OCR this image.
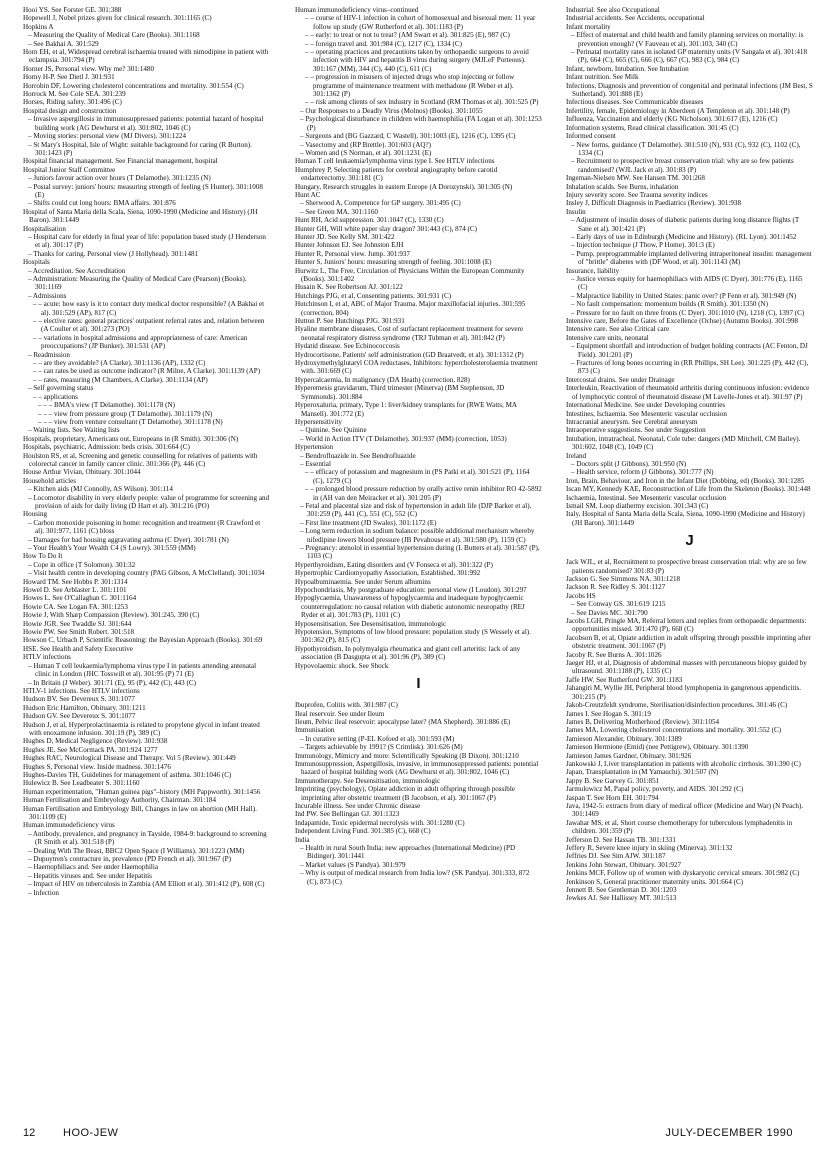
Hooi YS. See Forster GE. 301:388

Hopewell J, Nobel prizes given for clinical research. 301:1165 (C)

Hopkins A

– Measuring the Quality of Medical Care (Books). 301:1168

– See Bakhai A. 301:529

Horn EH, et al, Widespread cerebral ischaemia treated with nimodipine in patient with eclampsia. 301:794 (P)

Horner JS, Personal view. Why me? 301:1480

Horny H-P. See Dietl J. 301:931

Horrobin DF, Lowering cholesterol concentrations and mortality. 301:554 (C)

Horrock M. See Cole SEA. 301:239

Horses, Riding safety. 301:496 (C)

Hospital design and construction

– Invasive aspergillosis in immunosuppressed patients: potential hazard of hospital building work (AG Dewhurst et al). 301:802, 1046 (C)

– Moving stories: personal view (MJ Divers). 301:1224

– St Mary's Hospital, Isle of Wight: suitable background for caring (R Burton). 301:1423 (P)

Hospital financial management. See Financial management, hospital

Hospital Junior Staff Committee

– Juniors favour action over hours (T Delamothe). 301:1235 (N)

– Postal survey: juniors' hours: measuring strength of feeling (S Hunter). 301:1008 (E)

– Shifts could cut long hours: BMA affairs. 301:876

Hospital of Santa Maria della Scala, Siena, 1090-1990 (Medicine and History) (JH Baron). 301:1449

Hospitalisation

– Hospital care for elderly in final year of life: population based study (J Henderson et al). 301:17 (P)

– Thanks for caring. Personal view (J Hollyhead). 301:1481

Hospitals

– Accreditation. See Accreditation

– Administration: Measuring the Quality of Medical Care (Pearson) (Books). 301:1169

– Admissions

– – acute: how easy is it to contact duty medical doctor responsible? (A Bakhai et al). 301:529 (AP), 817 (C)

– – elective rates: general practices' outpatient referral rates and, relation between (A Coulter et al). 301:273 (PO)

– – variations in hospital admissions and appropriateness of care: American preoccupations? (JP Bunker). 301:531 (AP)

– Readmission

– – are they avoidable? (A Clarke). 301:1136 (AP), 1332 (C)

– – can rates be used as outcome indicator? (R Milne, A Clarke). 301:1139 (AP)

– – rates, measuring (M Chambers, A Clarke). 301:1134 (AP)

– Self governing status

– – applications

– – – BMA's view (T Delamothe). 301:1178 (N)

– – – view from pressure group (T Delamothe). 301:1179 (N)

– – – view from venture consultant (T Delamothe). 301:1178 (N)

– Waiting lists. See Waiting lists

Hospitals, proprietary, Americans out, Europeans in (R Smith). 301:306 (N)

Hospitals, psychiatric, Admission: beds crisis. 301:664 (C)

Houlston RS, et al, Screening and genetic counselling for relatives of patients with colorectal cancer in family cancer clinic. 301:366 (P), 446 (C)

House Arthur Vivian, Obituary. 301:1044

Household articles

– Kitchen aids (MJ Connolly, AS Wilson). 301:114

– Locomotor disability in very elderly people: value of programme for screening and provision of aids for daily living (D Hart et al). 301:216 (PO)

Housing

– Carbon monoxide poisoning in home: recognition and treatment (R Crawford et al). 301:977, 1161 (C) bloss

– Damages for bad housing aggravating asthma (C Dyer). 301:781 (N)

– Your Health's Your Wealth C4 (S Lowry). 301:559 (MM)

How To Do It

– Cope in office (T Solomon). 301:32

– Visit health centre in developing country (PAG Gibson, A McClelland). 301:1034

Howard TM. See Hobbs P. 301:1314

Howel D. See Arblaster L. 301:1101

Howes L. See O'Callaghan C. 301:1164

Howie CA. See Logan FA. 301:1253

Howie J, With Sharp Compassion (Review). 301:245, 390 (C)

Howie JGR. See Twaddle SJ. 301:644

Howie PW. See Smith Robert. 301:518

Howson C, Urbach P, Scientific Reasoning: the Bayesian Approach (Books). 301:69

HSE. See Health and Safety Executive

HTLV infections

– Human T cell leukaemia/lymphoma virus type I in patients attending antenatal clinic in London (JHC Tosswill et al). 301:95 (P) 71 (E)

– In Britain (J Weber). 301:71 (E), 95 (P), 442 (C), 443 (C)

HTLV-1 infections. See HTLV infections

Hudson BV. See Devereux S. 301:1077

Hudson Eric Hamilton, Obituary. 301:1211

Hudson GV. See Devereux S. 301:1077

Hudson J, et al, Hyperprolactinaemia is related to propylene glycol in infant treated with enoxamone infusion. 301:19 (P), 389 (C)

Hughes D, Medical Negligence (Review). 301:938

Hughes JE. See McCormack PA. 301:924 1277

Hughes RAC, Neurological Disease and Therapy. Vol 5 (Review). 301:449

Hughes S, Personal view. Inside madness. 301:1476

Hughes-Davies TH, Guidelines for management of asthma. 301:1046 (C)

Hulewicz B. See Leadbeater S. 301:1160

Human experimentation, "Human guinea pigs"–history (MH Pappworth). 301:1456

Human Fertilisation and Embryology Authority, Chairman. 301:184

Human Fertilisation and Embryology Bill, Changes in law on abortion (MH Hall). 301:1109 (E)

Human immunodeficiency virus

– Antibody, prevalence, and pregnancy in Tayside, 1984-9: background to screening (R Smith et al). 301:518 (P)

– Dealing With The Beast, BBC2 Open Space (I Williams). 301:1223 (MM)

– Dupuytren's contracture in, prevalence (PD French et al). 301:967 (P)

– Haemophiliacs and. See under Haemophilia

– Hepatitis viruses and. See under Hepatitis

– Impact of HIV on tuberculosis in Zambia (AM Elliott et al). 301:412 (P), 608 (C)

– Infection

Human immunodeficiency virus–continued

– – course of HIV-1 infection in cohort of homosexual and bisexual men: 11 year follow up study (GW Rutherford et al). 301:1183 (P)

– – early: to treat or not to treat? (AM Swart et al). 301:825 (E), 987 (C)

– – foreign travel and. 301:984 (C), 1217 (C), 1334 (C)

– – operating practices and precautions taken by orthopaedic surgeons to avoid infection with HIV and hepatitis B virus during surgery (MJLeF Porteous). 301:167 (MM), 344 (C), 440 (C), 611 (C)

– – progression in misusers of injected drugs who stop injecting or follow programme of maintenance treatment with methadone (R Weber et al). 301:1362 (P)

– – risk among clients of sex industry in Scotland (RM Thomas et al). 301:525 (P)

– Our Responses to a Deadly Virus (Molnos) (Books). 301:1055

– Psychological disturbance in children with haemophilia (FA Logan et al). 301:1253 (P)

– Surgeons and (BG Gazzard, C Wastell). 301:1003 (E), 1216 (C), 1395 (C)

– Vasectomy and (RP Brettle). 301:603 (AQ?)

– Women and (S Norman, et al). 301:1231 (E)

Human T cell leukaemia/lymphoma virus type I. See HTLV infections

Humphrey P, Selecting patients for cerebral angiography before carotid endarterectomy. 301:181 (C)

Hungary, Research struggles in eastern Europe (A Dorozynski). 301:305 (N)

Hunt AC

– Sherwood A, Competence for GP surgery. 301:495 (C)

– See Green MA. 301:1160

Hunt RH, Acid suppression. 301:1047 (C), 1330 (C)

Hunter GH, Will white paper slay dragon? 301:443 (C), 874 (C)

Hunter JD. See Kelly SM. 301:422

Hunter Johnson EJ. See Johnston EJH

Hunter R, Personal view. Jump. 301:937

Hunter S, Juniors' hours: measuring strength of feeling. 301:1008 (E)

Hurwitz L, The Free, Circulation of Physicians Within the European Community (Books). 301:1402

Husain K. See Robertson AJ. 301:122

Hutchings PJG, et al, Consenting patients. 301:931 (C)

Hutchinson I, et al, ABC of Major Trauma. Major maxillofacial injuries. 301:595 (correction, 804)

Hutton P. See Hutchings PJG. 301:931

Hyaline membrane diseases, Cost of surfactant replacement treatment for severe neonatal respiratory distress syndrome (TRJ Tubman et al). 301:842 (P)

Hydatid disease. See Echinococcosis

Hydrocortisone, Patients' self administration (GD Braatvedt, et al). 301:1312 (P)

Hydroxymethylglutaryl COA reductases, Inhibitors: hypercholesterolaemia treatment with. 301:669 (C)

Hypercalcaemia, In malignancy (DA Heath) (correction, 828)

Hyperemesis gravidarum, Third trimester (Minerva) (BM Stephenson, JD Symmonds). 301:884

Hyperoxaluria, primary, Type 1: liver/kidney transplants for (RWE Watts, MA Mansell). 301:772 (E)

Hypersensitivity

– Quinine. See Quinine

– World in Action ITV (T Delamothe). 301:937 (MM) (correction, 1053)

Hypertension

– Bendrofluazide in. See Bendrofluazide

– Essential

– – efficacy of potassium and magnesium in (PS Patki et al). 301:521 (P), 1164 (C), 1279 (C)

– – prolonged blood pressure reduction by orally active renin inhibitor RO 42-5892 in (AH van den Meiracker et al). 301:205 (P)

– Fetal and placental size and risk of hypertension in adult life (DJP Barker et al). 301:259 (P), 441 (C), 551 (C), 552 (C)

– First line treatment (JD Swales). 301:1172 (E)

– Long term reduction in sodium balance: possible additional mechanism whereby nifedipine lowers blood pressure (JB Pevahouse et al). 301:580 (P), 1159 (C)

– Pregnancy: atenolol in essential hypertension during (L Butters et al). 301:587 (P), 1103 (C)

Hyperthyroidism, Eating disorders and (V Fonseca et al). 301:322 (P)

Hypertrophic Cardiomyopathy Association, Established. 301:992

Hypoalbuminaemia. See under Serum albumins

Hypochondriasis, My postgraduate education: personal view (I Loudon). 301:297

Hypoglycaemia, Unawareness of hypoglycaemia and inadequate hypoglycaemic counterregulation: no causal relation with diabetic autonomic neuropathy (REJ Ryder et al). 301:783 (P), 1101 (C)

Hyposensitisation. See Desensitisation, immunologic

Hypotension, Symptoms of low blood pressure: population study (S Wessely et al). 301:362 (P), 815 (C)

Hypothyroidism, In polymyalgia rheumatica and giant cell arteritis: lack of any association (B Dasgupta et al). 301:96 (P), 389 (C)

Hypovolaemic shock. See Shock

I

Ibuprofen, Colitis with. 301:987 (C)

Ileal reservoir. See under Ileum

Ileum, Pelvic ileal reservoir: apocalypse later? (MA Shepherd). 301:886 (E)

Immunisation

– In curative setting (P-EL Kofoed et al). 301:593 (M)

– Targets achievable by 1991? (S Crimlisk). 301:626 (M)

Immunology, Mimicry and more: Scientifically Speaking (B Dixon). 301:1210

Immunosuppression, Aspergillosis, invasive, in immunosuppressed patients: potential hazard of hospital building work (AG Dewhurst et al). 301:802, 1046 (C)

Immunotherapy. See Desensitisation, immunologic

Imprinting (psychology), Opiate addiction in adult offspring through possible imprinting after obstetric treatment (B Jacobson, et al). 301:1067 (P)

Incurable illness. See under Chronic disease

Ind PW. See Bellingan GJ. 301:1323

Indapamide, Toxic epidermal necrolysis with. 301:1280 (C)

Independent Living Fund. 301:385 (C), 668 (C)

India

– Health in rural South India: new approaches (International Medicine) (PD Bidinger). 301:1441

– Market values (S Pandya). 301:979

– Why is output of medical research from India low? (SK Pandya). 301:333, 872 (C), 873 (C)

Industrial. See also Occupational

Industrial accidents. See Accidents, occupational

Infant mortality

– Effect of maternal and child health and family planning services on mortality: is prevention enough? (V Fauveau et al). 301:103, 340 (C)

– Perinatal mortality rates in isolated GP maternity units (V Sangala et al). 301:418 (P), 664 (C), 665 (C), 666 (C), 667 (C), 983 (C), 984 (C)

Infant, newborn, Intubation. See Intubation

Infant nutrition. See Milk

Infections, Diagnosis and prevention of congenital and perinatal infections (JM Best, S Sutherland). 301:888 (E)

Infectious diseases. See Communicable diseases

Infertility, female, Epidemiology in Aberdeen (A Templeton et al). 301:148 (P)

Influenza, Vaccination and elderly (KG Nicholson). 301:617 (E), 1216 (C)

Information systems, Read clinical classification. 301:45 (C)

Informed consent

– New forms, guidance (T Delamothe). 301:510 (N), 931 (C), 932 (C), 1102 (C), 1334 (C)

– Recruitment to prospective breast conservation trial: why are so few patients randomised? (WJL Jack et al). 301:83 (P)

Ingeman-Nielsen MW. See Hansen TM. 301:268

Inhalation scalds. See Burns, inhalation

Injury severity score. See Trauma severity indices

Insley J, Difficult Diagnosis in Paediatrics (Review). 301:938

Insulin

– Adjustment of insulin doses of diabetic patients during long distance flights (T Sane et al). 301:421 (P)

– Early days of use in Edinburgh (Medicine and History). (RL Lyon). 301:1452

– Injection technique (J Thow, P Home). 301:3 (E)

– Pump, preprogrammable implanted delivering intraperitoneal insulin: management of "brittle" diabetes with (DF Wood, et al). 301:1143 (M)

Insurance, liability

– Justice versus equity for haemophiliacs with AIDS (C Dyer). 301:776 (E), 1165 (C)

– Malpractice liability in United States: panic over? (P Fenn et al). 301:949 (N)

– No fault compensation: momentum builds (R Smith). 301:1350 (N)

– Pressure for no fault on three fronts (C Dyer). 301:1010 (N), 1218 (C), 1397 (C)

Intensive care, Before the Gates of Excellence (Ochse) (Autumn Books). 301:998

Intensive care. See also Critical care

Intensive care units, neonatal

– Equipment shortfall and introduction of budget holding contracts (AC Fenton, DJ Field). 301:201 (P)

– Fractures of long bones occurring in (RR Phillips, SH Lee). 301:225 (P), 442 (C), 873 (C)

Intercostal drains. See under Drainage

Interleukin, Reactivation of rheumatoid arthritis during continuous infusion: evidence of lymphocytic control of rheumatoid disease (M Lavelle-Jones et al). 301:97 (P)

International Medicine. See under Developing countries

Intestines, Ischaemia. See Mesenteric vascular occlusion

Intracranial aneurysm. See Cerebral aneurysm

Intraoperative suggestions. See under Suggestion

Intubation, intratracheal, Neonatal, Cole tube: dangers (MD Mitchell, CM Bailey). 301:602, 1048 (C), 1049 (C)

Ireland

– Doctors split (J Gibbons). 301:950 (N)

– Health service, reform (J Gibbons). 301:777 (N)

Iron, Brain, Behaviour, and Iron in the Infant Diet (Dobbing, ed) (Books). 301:1285

Iscan MY, Kennedy KAE, Reconstruction of Life from the Skeleton (Books). 301:448

Ischaemia, Intestinal. See Mesenteric vascular occlusion

Ismail SM, Loop diathermy excision. 301:343 (C)

Italy, Hospital of Santa Maria della Scala, Siena, 1090-1990 (Medicine and History) (JH Baron). 301:1449

J

Jack WJL, et al, Recruitment to prospective breast conservation trial: why are so few patients randomised? 301:83 (P)

Jackson G. See Simmons NA. 301:1218

Jackson R. See Ridley S. 301:1127

Jacobs HS

– See Conway GS. 301:619 1215

– See Davies MC. 301:790

Jacobs LGH, Pringle MA, Referral letters and replies from orthopaedic departments: opportunities missed. 301:470 (P), 668 (C)

Jacobson B, et al, Opiate addiction in adult offspring through possible imprinting after obstetric treatment. 301:1067 (P)

Jacoby R. See Burns A. 301:1026

Jaeger HJ, et al, Diagnosis of abdominal masses with percutaneous biopsy guided by ultrasound. 301:1188 (P), 1335 (C)

Jaffe HW. See Rutherford GW. 301:1183

Jahangiri M, Wyllie JH, Peripheral blood lymphopenia in gangrenous appendicitis. 301:215 (P)

Jakob-Creutzfeldt syndrome, Sterilisation/disinfection procedures. 301:46 (C)

James I. See Hogan S. 301:19

James B, Delivering Motherhood (Review). 301:1054

James MA, Lowering cholesterol concentrations and mortality. 301:552 (C)

Jamieson Alexander, Obituary. 301:1389

Jamieson Hermione (Emid) (nee Pettigrew), Obituary. 301:1390

Jamieson James Gardner, Obituary. 301:926

Jankowski J, Liver transplantation in patients with alcoholic cirrhosis. 301:390 (C)

Japan, Transplantation in (M Yamauchi). 301:507 (N)

Jappy B. See Garvey G. 301:851

Jarmulowicz M, Papal policy, poverty, and AIDS. 301:292 (C)

Jaspan T. See Horn EH. 301:794

Java, 1942-5: extracts from diary of medical officer (Medicine and War) (N Peach). 301:1469

Jawahar MS, et al, Short course chemotherapy for tuberculous lymphadenitis in children. 301:359 (P)

Jefferson D. See Hassan TB. 301:1331

Jeffery R, Severe knee injury in skiing (Minerva). 301:132

Jeffries DJ. See Sim AJW. 301:187

Jenkins John Stewart, Obituary. 301:927

Jenkins MCF, Follow up of women with dyskaryotic cervical smears. 301:982 (C)

Jenkinson S, General practitioner maternity units. 301:664 (C)

Jennett B. See Gentleman D. 301:1203

Jewkes AJ. See Hallissey MT. 301:513

12	HOO-JEW	JULY-DECEMBER 1990
